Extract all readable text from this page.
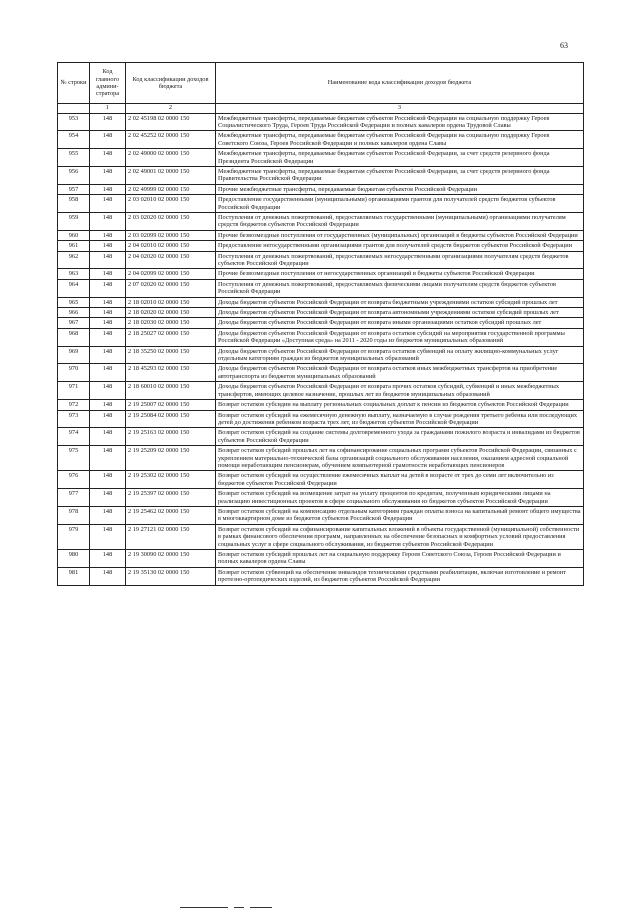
63
№ строки	Код главного админи- стратора	Код классификации доходов бюджета	Наименование кода классификации доходов бюджета
	1	2	3
953	148	2 02 45198 02 0000 150	Межбюджетные трансферты, передаваемые бюджетам субъектов Российской Федерации на социальную поддержку Героев Социалистического Труда, Героев Труда Российской Федерации и полных кавалеров ордена Трудовой Славы
954	148	2 02 45252 02 0000 150	Межбюджетные трансферты, передаваемые бюджетам субъектов Российской Федерации на социальную поддержку Героев Советского Союза, Героев Российской Федерации и полных кавалеров ордена Славы
955	148	2 02 49000 02 0000 150	Межбюджетные трансферты, передаваемые бюджетам субъектов Российской Федерации, за счет средств резервного фонда Президента Российской Федерации
956	148	2 02 49001 02 0000 150	Межбюджетные трансферты, передаваемые бюджетам субъектов Российской Федерации, за счет средств резервного фонда Правительства Российской Федерации
957	148	2 02 49999 02 0000 150	Прочие межбюджетные трансферты, передаваемые бюджетам субъектов Российской Федерации
958	148	2 03 02010 02 0000 150	Предоставление государственными (муниципальными) организациями грантов для получателей средств бюджетов субъектов Российской Федерации
959	148	2 03 02020 02 0000 150	Поступления от денежных пожертвований, предоставляемых государственными (муниципальными) организациями получателям средств бюджетов субъектов Российской Федерации
960	148	2 03 02099 02 0000 150	Прочие безвозмездные поступления от государственных (муниципальных) организаций в бюджеты субъектов Российской Федерации
961	148	2 04 02010 02 0000 150	Предоставление негосударственными организациями грантов для получателей средств бюджетов субъектов Российской Федерации
962	148	2 04 02020 02 0000 150	Поступления от денежных пожертвований, предоставляемых негосударственными организациями получателям средств бюджетов субъектов Российской Федерации
963	148	2 04 02099 02 0000 150	Прочие безвозмездные поступления от негосударственных организаций в бюджеты субъектов Российской Федерации
964	148	2 07 02020 02 0000 150	Поступления от денежных пожертвований, предоставляемых физическими лицами получателям средств бюджетов субъектов Российской Федерации
965	148	2 18 02010 02 0000 150	Доходы бюджетов субъектов Российской Федерации от возврата бюджетными учреждениями остатков субсидий прошлых лет
966	148	2 18 02020 02 0000 150	Доходы бюджетов субъектов Российской Федерации от возврата автономными учреждениями остатков субсидий прошлых лет
967	148	2 18 02030 02 0000 150	Доходы бюджетов субъектов Российской Федерации от возврата иными организациями остатков субсидий прошлых лет
968	148	2 18 25027 02 0000 150	Доходы бюджетов субъектов Российской Федерации от возврата остатков субсидий на мероприятия государственной программы Российской Федерации «Доступная среда» на 2011 - 2020 годы из бюджетов муниципальных образований
969	148	2 18 35250 02 0000 150	Доходы бюджетов субъектов Российской Федерации от возврата остатков субвенций на оплату жилищно-коммунальных услуг отдельным категориям граждан из бюджетов муниципальных образований
970	148	2 18 45293 02 0000 150	Доходы бюджетов субъектов Российской Федерации от возврата остатков иных межбюджетных трансфертов на приобретение автотранспорта из бюджетов муниципальных образований
971	148	2 18 60010 02 0000 150	Доходы бюджетов субъектов Российской Федерации от возврата прочих остатков субсидий, субвенций и иных межбюджетных трансфертов, имеющих целевое назначение, прошлых лет из бюджетов муниципальных образований
972	148	2 19 25007 02 0000 150	Возврат остатков субсидии на выплату региональных социальных доплат к пенсии из бюджетов субъектов Российской Федерации
973	148	2 19 25084 02 0000 150	Возврат остатков субсидий на ежемесячную денежную выплату, назначаемую в случае рождения третьего ребенка или последующих детей до достижения ребенком возраста трех лет, из бюджетов субъектов Российской Федерации
974	148	2 19 25163 02 0000 150	Возврат остатков субсидий на создание системы долговременного ухода за гражданами пожилого возраста и инвалидами из бюджетов субъектов Российской Федерации
975	148	2 19 25209 02 0000 150	Возврат остатков субсидий прошлых лет на софинансирование социальных программ субъектов Российской Федерации, связанных с укреплением материально-технической базы организаций социального обслуживания населения, оказанием адресной социальной помощи неработающим пенсионерам, обучением компьютерной грамотности неработающих пенсионеров
976	148	2 19 25302 02 0000 150	Возврат остатков субсидий на осуществление ежемесячных выплат на детей в возрасте от трех до семи лет включительно из бюджетов субъектов Российской Федерации
977	148	2 19 25397 02 0000 150	Возврат остатков субсидий на возмещение затрат на уплату процентов по кредитам, полученным юридическими лицами на реализацию инвестиционных проектов в сфере социального обслуживания из бюджетов субъектов Российской Федерации
978	148	2 19 25462 02 0000 150	Возврат остатков субсидий на компенсацию отдельным категориям граждан оплаты взноса на капитальный ремонт общего имущества в многоквартирном доме из бюджетов субъектов Российской Федерации
979	148	2 19 27121 02 0000 150	Возврат остатков субсидий на софинансирование капитальных вложений в объекты государственной (муниципальной) собственности в рамках финансового обеспечения программ, направленных на обеспечение безопасных и комфортных условий предоставления социальных услуг в сфере социального обслуживания, из бюджетов субъектов Российской Федерации
980	148	2 19 30090 02 0000 150	Возврат остатков субсидий прошлых лет на социальную поддержку Героев Советского Союза, Героев Российской Федерации и полных кавалеров ордена Славы
981	148	2 19 35130 02 0000 150	Возврат остатков субвенций на обеспечение инвалидов техническими средствами реабилитации, включая изготовление и ремонт протезно-ортопедических изделий, из бюджетов субъектов Российской Федерации
